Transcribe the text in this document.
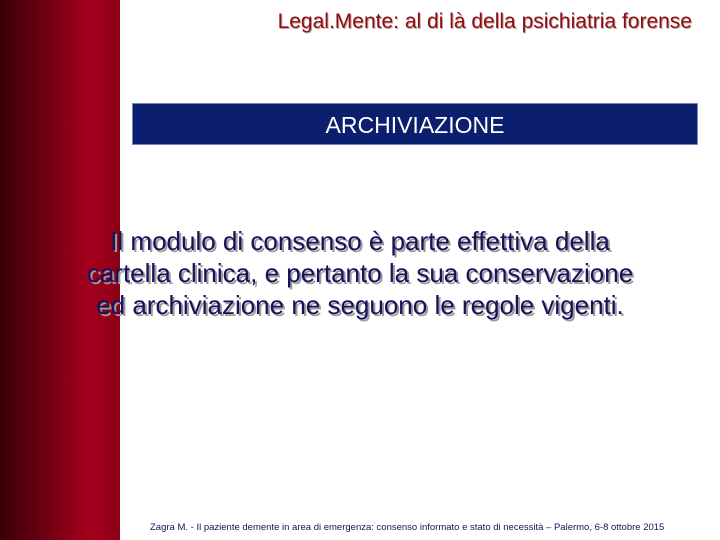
Legal.Mente: al di là della psichiatria forense
ARCHIVIAZIONE
Il modulo di consenso è parte effettiva della
cartella clinica, e pertanto la sua conservazione
ed archiviazione ne seguono le regole vigenti.
Zagra M. - Il paziente demente in area di emergenza: consenso informato e stato di necessità – Palermo, 6-8 ottobre 2015
